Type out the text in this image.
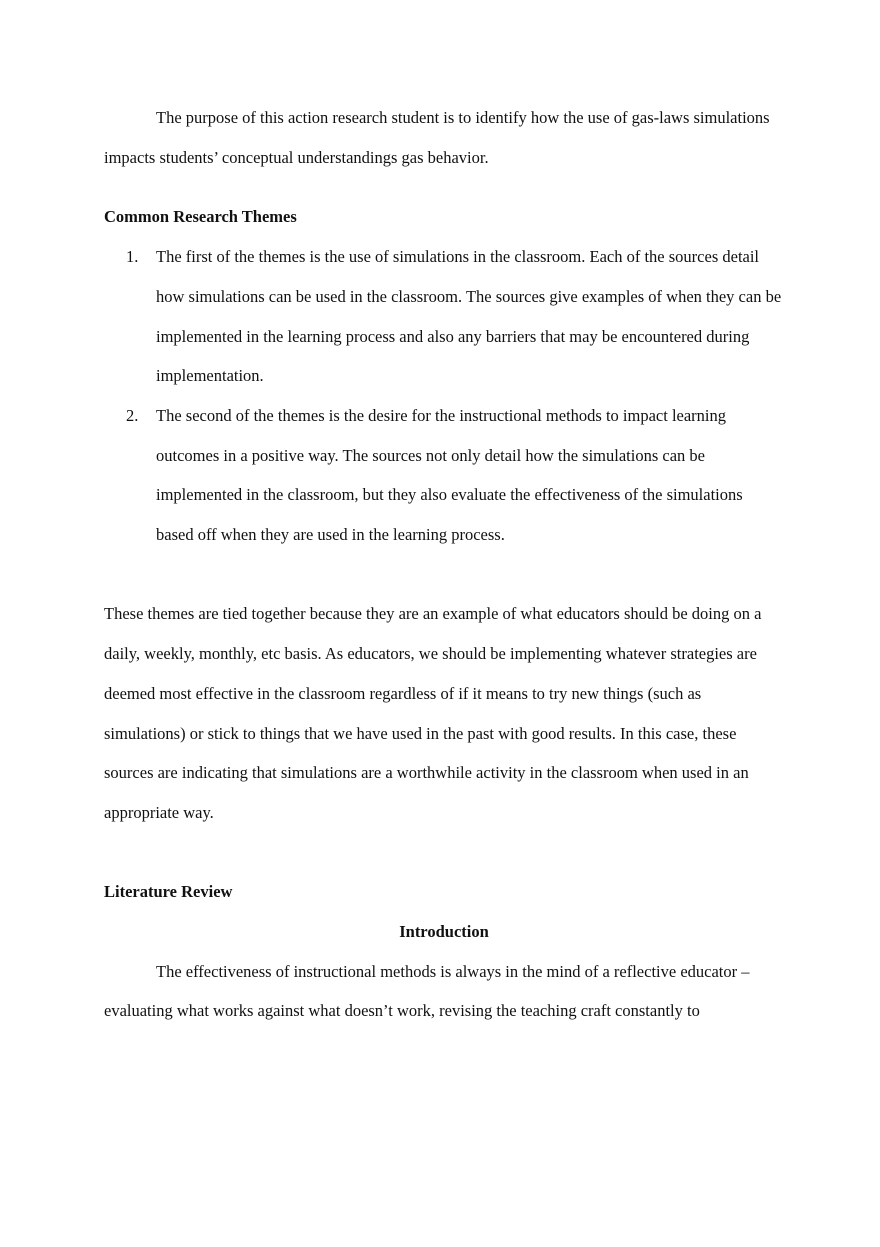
The purpose of this action research student is to identify how the use of gas-laws simulations impacts students’ conceptual understandings gas behavior.

Common Research Themes

1. The first of the themes is the use of simulations in the classroom. Each of the sources detail how simulations can be used in the classroom. The sources give examples of when they can be implemented in the learning process and also any barriers that may be encountered during implementation.
2. The second of the themes is the desire for the instructional methods to impact learning outcomes in a positive way. The sources not only detail how the simulations can be implemented in the classroom, but they also evaluate the effectiveness of the simulations based off when they are used in the learning process.

These themes are tied together because they are an example of what educators should be doing on a daily, weekly, monthly, etc basis. As educators, we should be implementing whatever strategies are deemed most effective in the classroom regardless of if it means to try new things (such as simulations) or stick to things that we have used in the past with good results. In this case, these sources are indicating that simulations are a worthwhile activity in the classroom when used in an appropriate way.

Literature Review

Introduction

The effectiveness of instructional methods is always in the mind of a reflective educator – evaluating what works against what doesn’t work, revising the teaching craft constantly to
